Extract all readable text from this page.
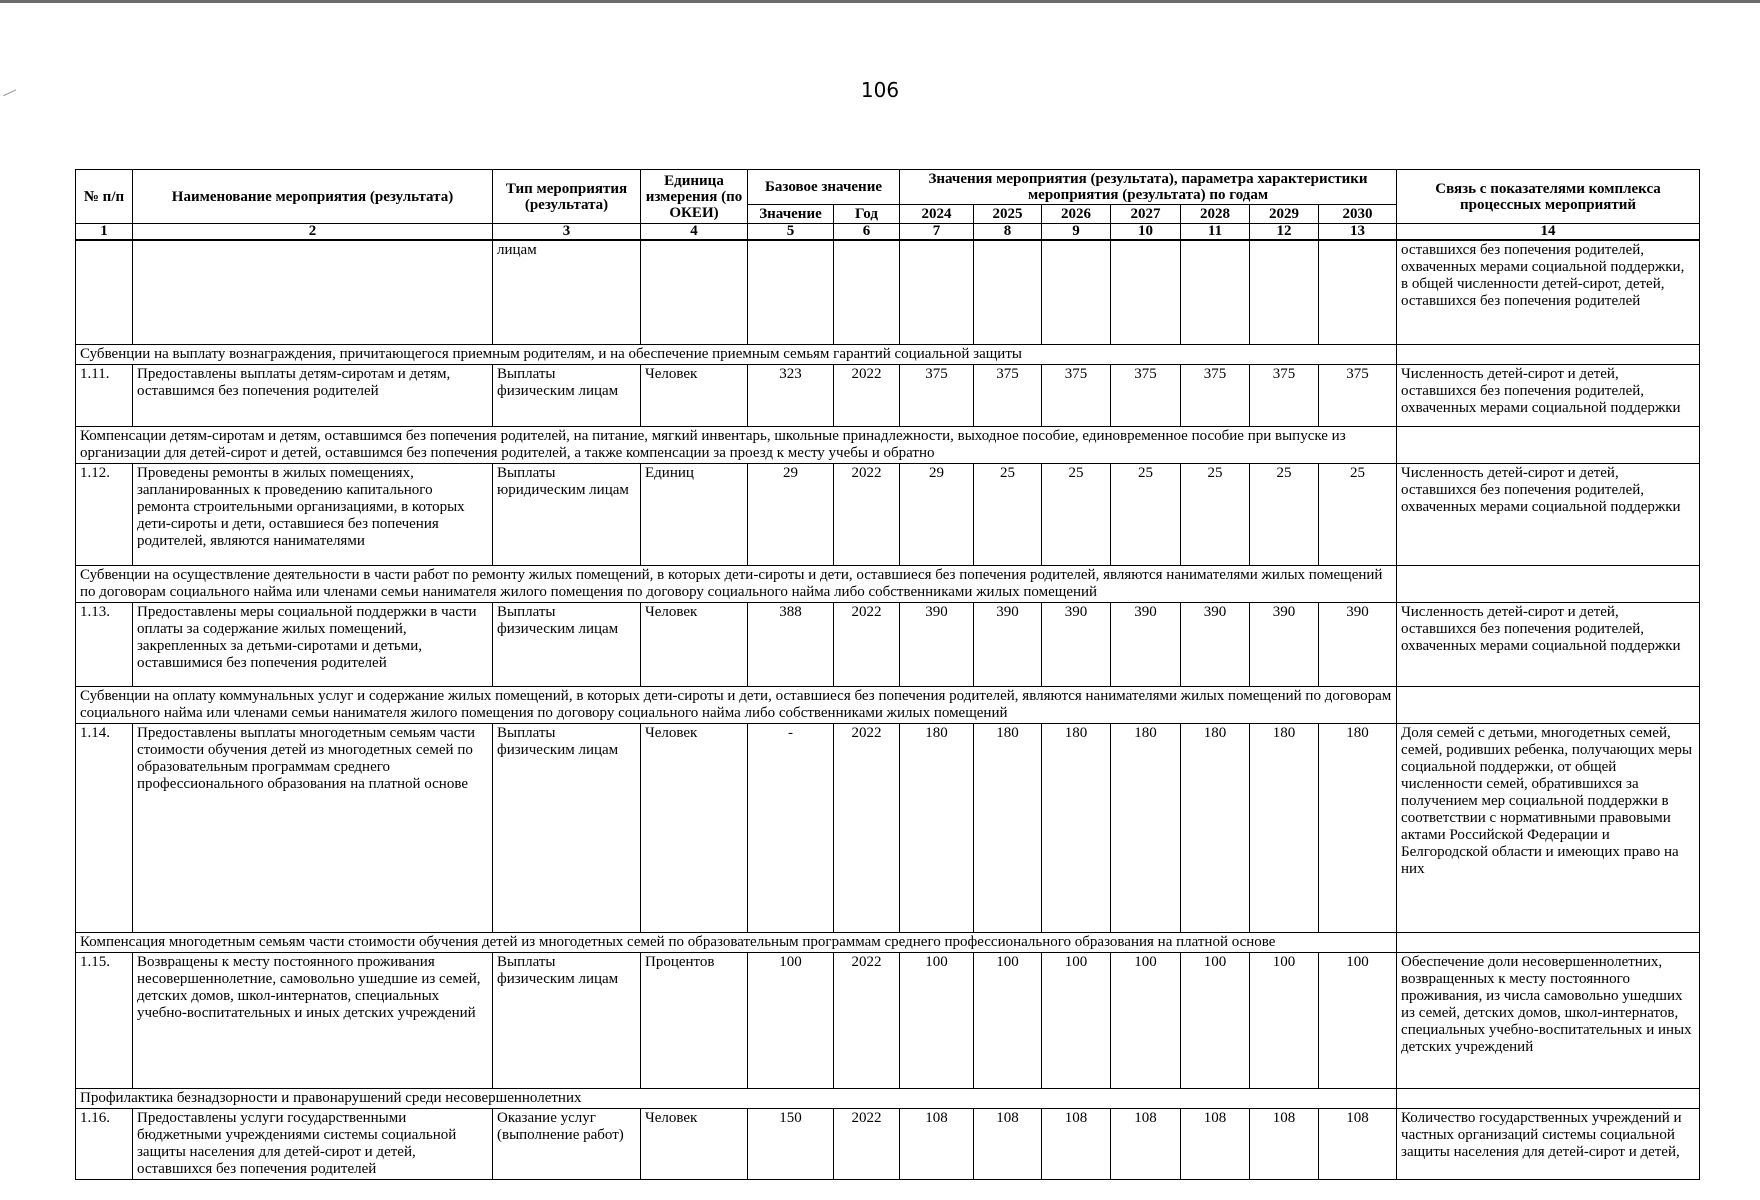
106
№ п/п	Наименование мероприятия (результата)	Тип мероприятия (результата)	Единица измерения (по ОКЕИ)	Базовое значение		Значения мероприятия (результата), параметра характеристики мероприятия (результата) по годам							Связь с показателями комплекса процессных мероприятий
				Значение	Год	2024	2025	2026	2027	2028	2029	2030	
1	2	3	4	5	6	7	8	9	10	11	12	13	14
		лицам											оставшихся без попечения родителей, охваченных мерами социальной поддержки, в общей численности детей-сирот, детей, оставшихся без попечения родителей
Субвенции на выплату вознаграждения, причитающегося приемным родителям, и на обеспечение приемным семьям гарантий социальной защиты													
1.11.	Предоставлены выплаты детям-сиротам и детям, оставшимся без попечения родителей	Выплаты физическим лицам	Человек	323	2022	375	375	375	375	375	375	375	Численность детей-сирот и детей, оставшихся без попечения родителей, охваченных мерами социальной поддержки
Компенсации детям-сиротам и детям, оставшимся без попечения родителей, на питание, мягкий инвентарь, школьные принадлежности, выходное пособие, единовременное пособие при выпуске из организации для детей-сирот и детей, оставшимся без попечения родителей, а также компенсации за проезд к месту учебы и обратно													
1.12.	Проведены ремонты в жилых помещениях, запланированных к проведению капитального ремонта строительными организациями, в которых дети-сироты и дети, оставшиеся без попечения родителей, являются нанимателями	Выплаты юридическим лицам	Единиц	29	2022	29	25	25	25	25	25	25	Численность детей-сирот и детей, оставшихся без попечения родителей, охваченных мерами социальной поддержки
Субвенции на осуществление деятельности в части работ по ремонту жилых помещений, в которых дети-сироты и дети, оставшиеся без попечения родителей, являются нанимателями жилых помещений по договорам социального найма или членами семьи нанимателя жилого помещения по договору социального найма либо собственниками жилых помещений													
1.13.	Предоставлены меры социальной поддержки в части оплаты за содержание жилых помещений, закрепленных за детьми-сиротами и детьми, оставшимися без попечения родителей	Выплаты физическим лицам	Человек	388	2022	390	390	390	390	390	390	390	Численность детей-сирот и детей, оставшихся без попечения родителей, охваченных мерами социальной поддержки
Субвенции на оплату коммунальных услуг и содержание жилых помещений, в которых дети-сироты и дети, оставшиеся без попечения родителей, являются нанимателями жилых помещений по договорам социального найма или членами семьи нанимателя жилого помещения по договору социального найма либо собственниками жилых помещений													
1.14.	Предоставлены выплаты многодетным семьям части стоимости обучения детей из многодетных семей по образовательным программам среднего профессионального образования на платной основе	Выплаты физическим лицам	Человек	-	2022	180	180	180	180	180	180	180	Доля семей с детьми, многодетных семей, семей, родивших ребенка, получающих меры социальной поддержки, от общей численности семей, обратившихся за получением мер социальной поддержки в соответствии с нормативными правовыми актами Российской Федерации и Белгородской области и имеющих право на них
Компенсация многодетным семьям части стоимости обучения детей из многодетных семей по образовательным программам среднего профессионального образования на платной основе													
1.15.	Возвращены к месту постоянного проживания несовершеннолетние, самовольно ушедшие из семей, детских домов, школ-интернатов, специальных учебно-воспитательных и иных детских учреждений	Выплаты физическим лицам	Процентов	100	2022	100	100	100	100	100	100	100	Обеспечение доли несовершеннолетних, возвращенных к месту постоянного проживания, из числа самовольно ушедших из семей, детских домов, школ-интернатов, специальных учебно-воспитательных и иных детских учреждений
Профилактика безнадзорности и правонарушений среди несовершеннолетних													
1.16.	Предоставлены услуги государственными бюджетными учреждениями системы социальной защиты населения для детей-сирот и детей, оставшихся без попечения родителей	Оказание услуг (выполнение работ)	Человек	150	2022	108	108	108	108	108	108	108	Количество государственных учреждений и частных организаций системы социальной защиты населения для детей-сирот и детей,
